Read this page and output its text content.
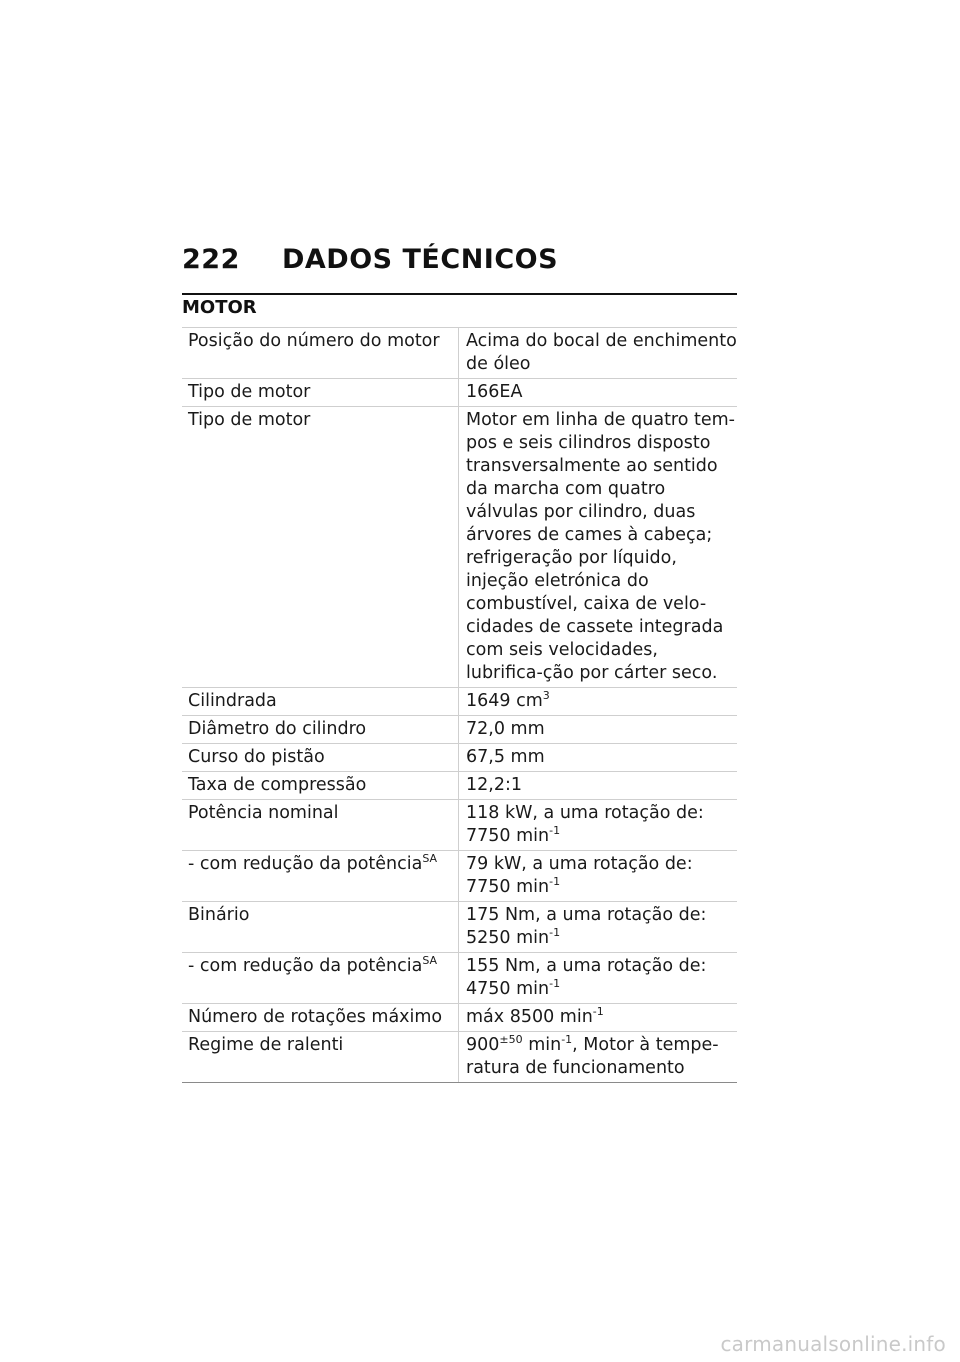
222 DADOS TÉCNICOS
MOTOR
Posição do número do motor	Acima do bocal de enchimento de óleo
Tipo de motor	166EA
Tipo de motor	Motor em linha de quatro tem-pos e seis cilindros disposto transversalmente ao sentido da marcha com quatro válvulas por cilindro, duas árvores de cames à cabeça; refrigeração por líquido, injeção eletrónica do combustível, caixa de velo-cidades de cassete integrada com seis velocidades, lubrifica-ção por cárter seco.
Cilindrada	1649 $cm^3$
Diâmetro do cilindro	72,0 mm
Curso do pistão	67,5 mm
Taxa de compressão	12,2:1
Potência nominal	118 kW, a uma rotação de: 7750 $\min^{-1}$
- com redução da potência$^{SA}$	79 kW, a uma rotação de: 7750 $\min^{-1}$
Binário	175 Nm, a uma rotação de: 5250 $\min^{-1}$
- com redução da potência$^{SA}$	155 Nm, a uma rotação de: 4750 $\min^{-1}$
Número de rotações máximo	máx 8500 $\min^{-1}$
Regime de ralenti	$900^{\pm 50}$ $\min^{-1}$, Motor à tempe-ratura de funcionamento
carmanualsonline.info
